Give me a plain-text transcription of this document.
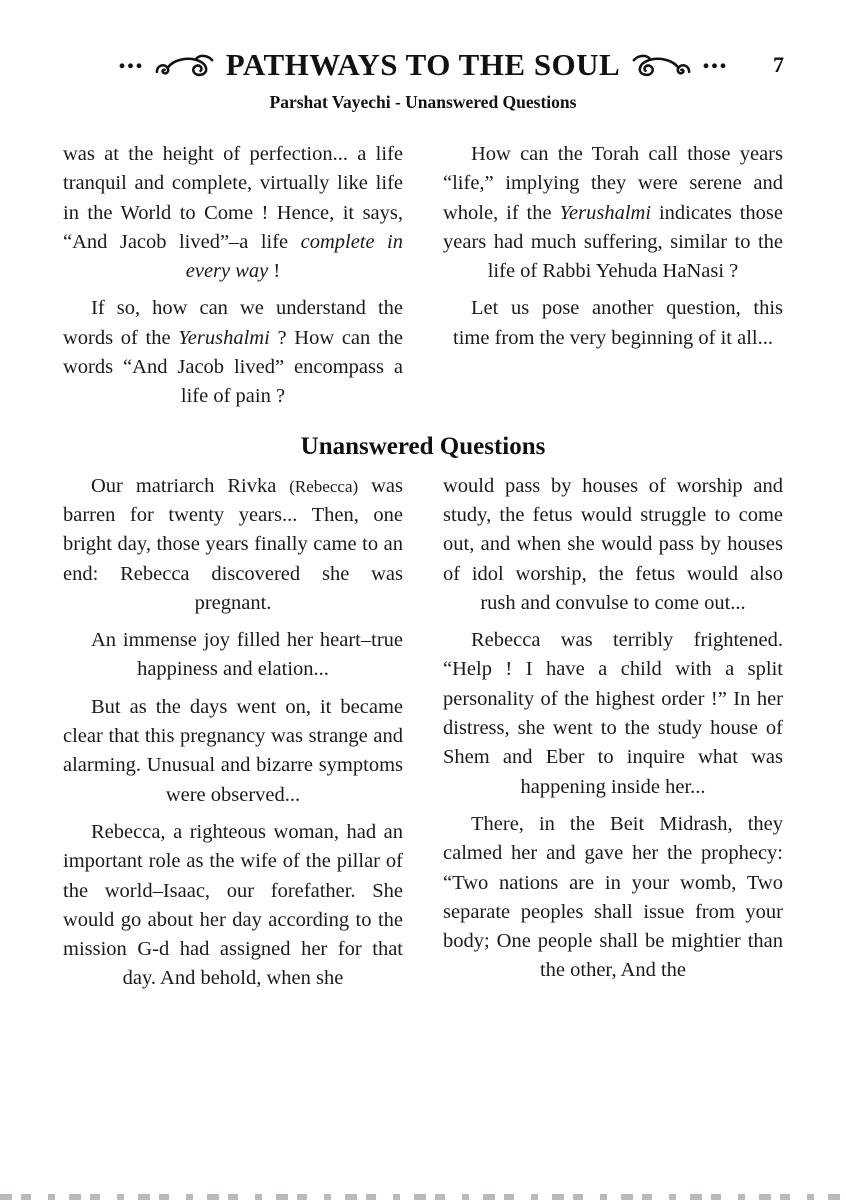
...	PATHWAYS TO THE SOUL	... 7
Parshat Vayechi - Unanswered Questions

was at the height of perfection... a life tranquil and complete, virtually like life in the World to Come ! Hence, it says, “And Jacob lived”–a life complete in every way !

If so, how can we understand the words of the Yerushalmi ? How can the words “And Jacob lived” encompass a life of pain ?

How can the Torah call those years “life,” implying they were serene and whole, if the Yerushalmi indicates those years had much suffering, similar to the life of Rabbi Yehuda HaNasi ?

Let us pose another question, this time from the very beginning of it all...

Unanswered Questions

Our matriarch Rivka (Rebecca) was barren for twenty years... Then, one bright day, those years finally came to an end: Rebecca discovered she was pregnant.

An immense joy filled her heart–true happiness and elation...

But as the days went on, it became clear that this pregnancy was strange and alarming. Unusual and bizarre symptoms were observed...

Rebecca, a righteous woman, had an important role as the wife of the pillar of the world–Isaac, our forefather. She would go about her day according to the mission G-d had assigned her for that day. And behold, when she

would pass by houses of worship and study, the fetus would struggle to come out, and when she would pass by houses of idol worship, the fetus would also rush and convulse to come out...

Rebecca was terribly frightened. “Help ! I have a child with a split personality of the highest order !” In her distress, she went to the study house of Shem and Eber to inquire what was happening inside her...

There, in the Beit Midrash, they calmed her and gave her the prophecy: “Two nations are in your womb, Two separate peoples shall issue from your body; One people shall be mightier than the other, And the
